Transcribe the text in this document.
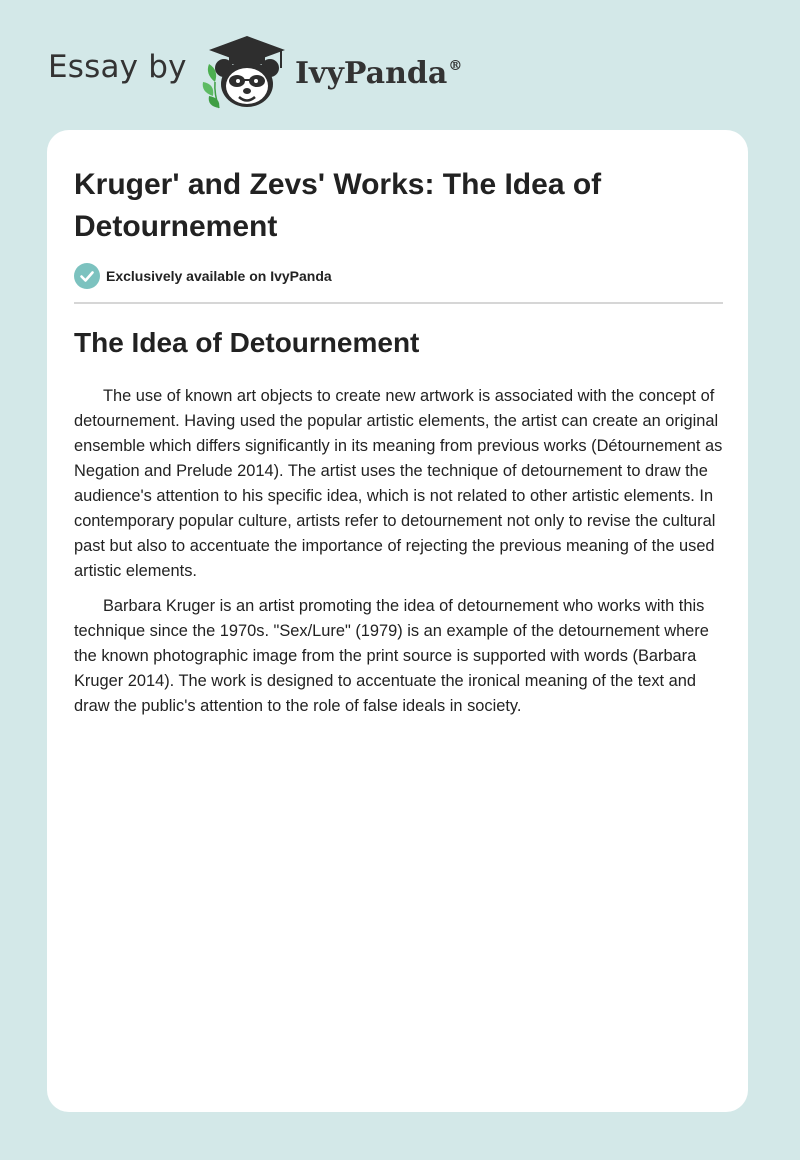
Essay by	IvyPanda®
Kruger' and Zevs' Works: The Idea of Detournement
Exclusively available on IvyPanda
The Idea of Detournement

The use of known art objects to create new artwork is associated with the concept of detournement. Having used the popular artistic elements, the artist can create an original ensemble which differs significantly in its meaning from previous works (Détournement as Negation and Prelude 2014). The artist uses the technique of detournement to draw the audience's attention to his specific idea, which is not related to other artistic elements. In contemporary popular culture, artists refer to detournement not only to revise the cultural past but also to accentuate the importance of rejecting the previous meaning of the used artistic elements.

Barbara Kruger is an artist promoting the idea of detournement who works with this technique since the 1970s. "Sex/Lure" (1979) is an example of the detournement where the known photographic image from the print source is supported with words (Barbara Kruger 2014). The work is designed to accentuate the ironical meaning of the text and draw the public's attention to the role of false ideals in society.
